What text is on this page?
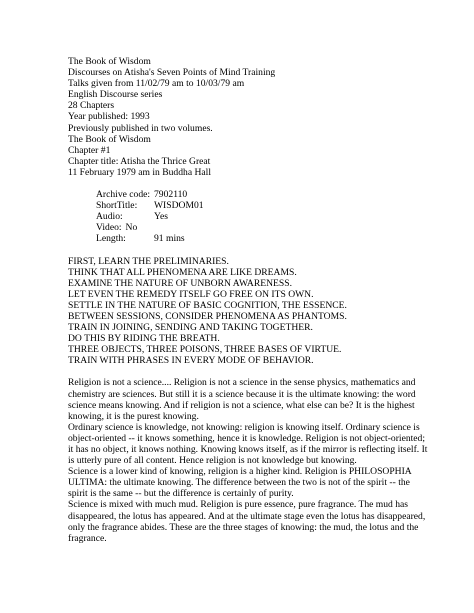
The Book of Wisdom
Discourses on Atisha's Seven Points of Mind Training
Talks given from 11/02/79 am to 10/03/79 am
English Discourse series
28 Chapters
Year published: 1993
Previously published in two volumes.
The Book of Wisdom
Chapter #1
Chapter title: Atisha the Thrice Great
11 February 1979 am in Buddha Hall
Archive code: 7902110
ShortTitle:	WISDOM01
Audio:	Yes
Video: No
Length:	91 mins
FIRST, LEARN THE PRELIMINARIES.
THINK THAT ALL PHENOMENA ARE LIKE DREAMS.
EXAMINE THE NATURE OF UNBORN AWARENESS.
LET EVEN THE REMEDY ITSELF GO FREE ON ITS OWN.
SETTLE IN THE NATURE OF BASIC COGNITION, THE ESSENCE.
BETWEEN SESSIONS, CONSIDER PHENOMENA AS PHANTOMS.
TRAIN IN JOINING, SENDING AND TAKING TOGETHER.
DO THIS BY RIDING THE BREATH.
THREE OBJECTS, THREE POISONS, THREE BASES OF VIRTUE.
TRAIN WITH PHRASES IN EVERY MODE OF BEHAVIOR.

Religion is not a science.... Religion is not a science in the sense physics, mathematics and chemistry are sciences. But still it is a science because it is the ultimate knowing: the word science means knowing. And if religion is not a science, what else can be? It is the highest knowing, it is the purest knowing.

Ordinary science is knowledge, not knowing: religion is knowing itself. Ordinary science is object-oriented -- it knows something, hence it is knowledge. Religion is not object-oriented; it has no object, it knows nothing. Knowing knows itself, as if the mirror is reflecting itself. It is utterly pure of all content. Hence religion is not knowledge but knowing.

Science is a lower kind of knowing, religion is a higher kind. Religion is PHILOSOPHIA ULTIMA: the ultimate knowing. The difference between the two is not of the spirit -- the spirit is the same -- but the difference is certainly of purity.

Science is mixed with much mud. Religion is pure essence, pure fragrance. The mud has disappeared, the lotus has appeared. And at the ultimate stage even the lotus has disappeared, only the fragrance abides. These are the three stages of knowing: the mud, the lotus and the fragrance.
